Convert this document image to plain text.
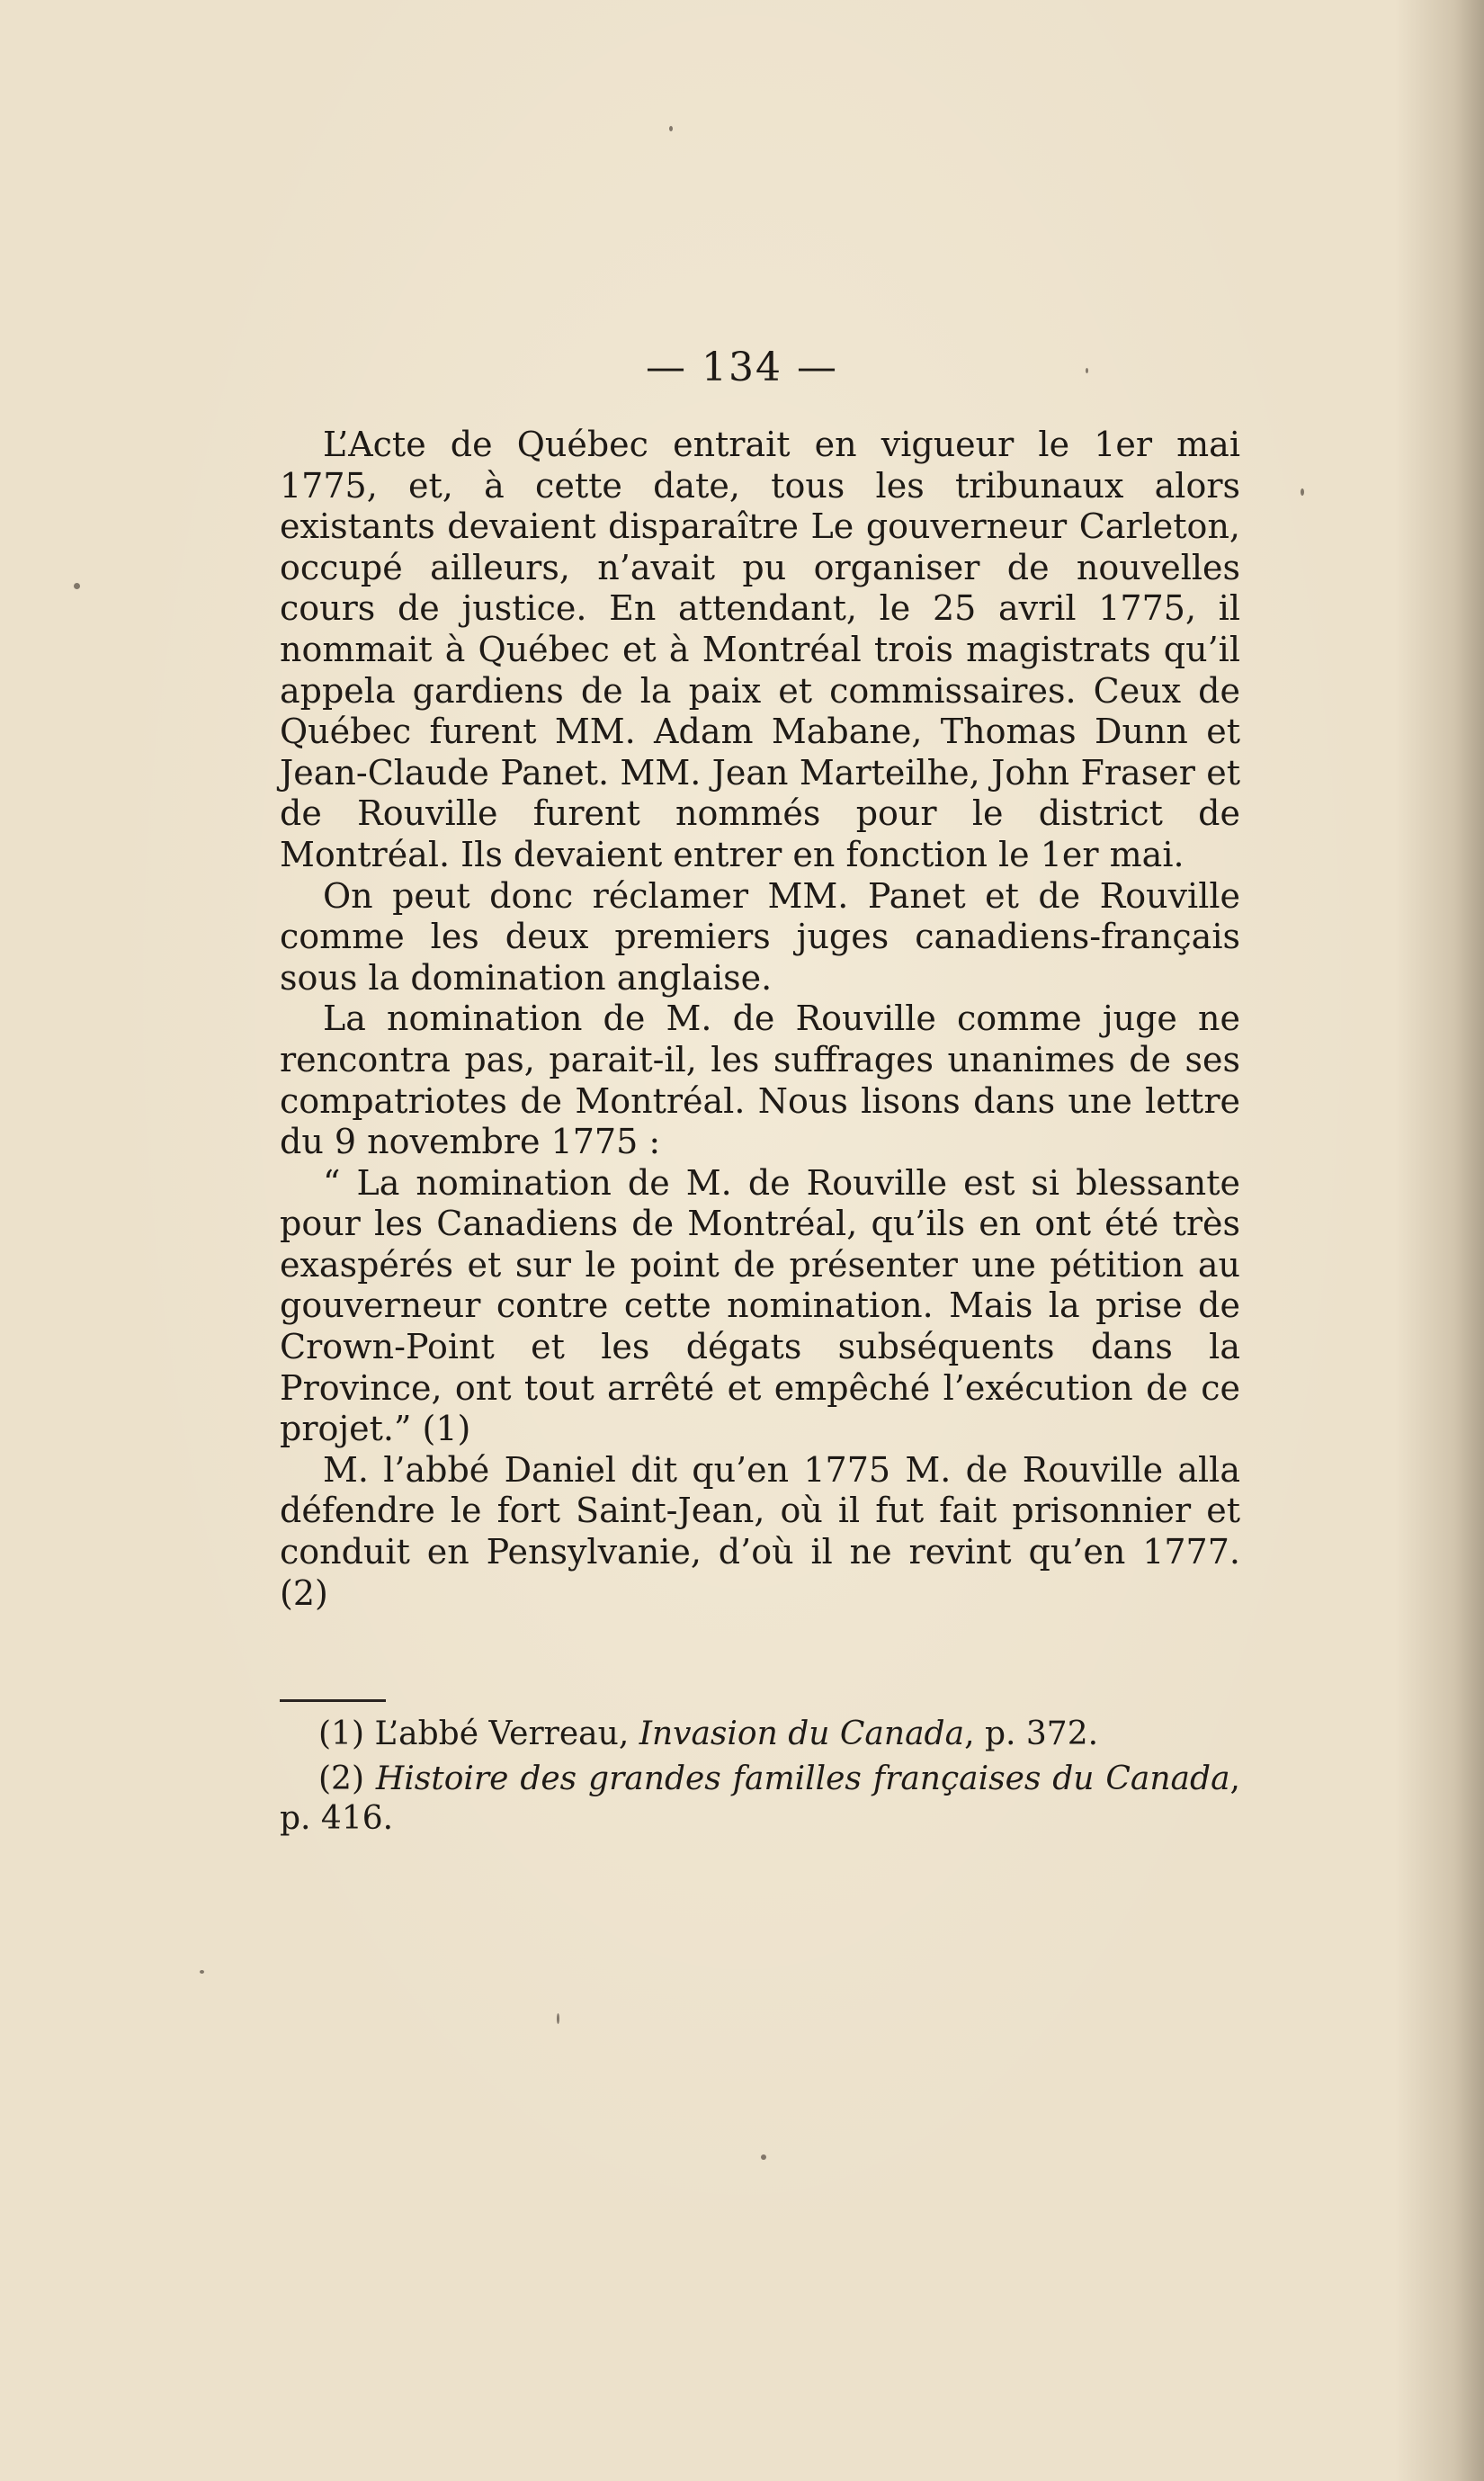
— 134 —

L’Acte de Québec entrait en vigueur le 1er mai 1775, et, à cette date, tous les tribunaux alors existants devaient disparaître Le gouverneur Carleton, occupé ailleurs, n’avait pu organiser de nouvelles cours de justice. En attendant, le 25 avril 1775, il nommait à Québec et à Montréal trois magistrats qu’il appela gardiens de la paix et commissaires. Ceux de Québec furent MM. Adam Mabane, Thomas Dunn et Jean-Claude Panet. MM. Jean Marteilhe, John Fraser et de Rouville furent nommés pour le district de Montréal. Ils devaient entrer en fonction le 1er mai.

On peut donc réclamer MM. Panet et de Rouville comme les deux premiers juges canadiens-français sous la domination anglaise.

La nomination de M. de Rouville comme juge ne rencontra pas, parait-il, les suffrages unanimes de ses compatriotes de Montréal. Nous lisons dans une lettre du 9 novembre 1775 :

“ La nomination de M. de Rouville est si blessante pour les Canadiens de Montréal, qu’ils en ont été très exaspérés et sur le point de présenter une pétition au gouverneur contre cette nomination. Mais la prise de Crown-Point et les dégats subséquents dans la Province, ont tout arrêté et empêché l’exécution de ce projet.” (1)

M. l’abbé Daniel dit qu’en 1775 M. de Rouville alla défendre le fort Saint-Jean, où il fut fait prisonnier et conduit en Pensylvanie, d’où il ne revint qu’en 1777. (2)

(1) L’abbé Verreau, Invasion du Canada, p. 372.

(2) Histoire des grandes familles françaises du Canada, p. 416.
